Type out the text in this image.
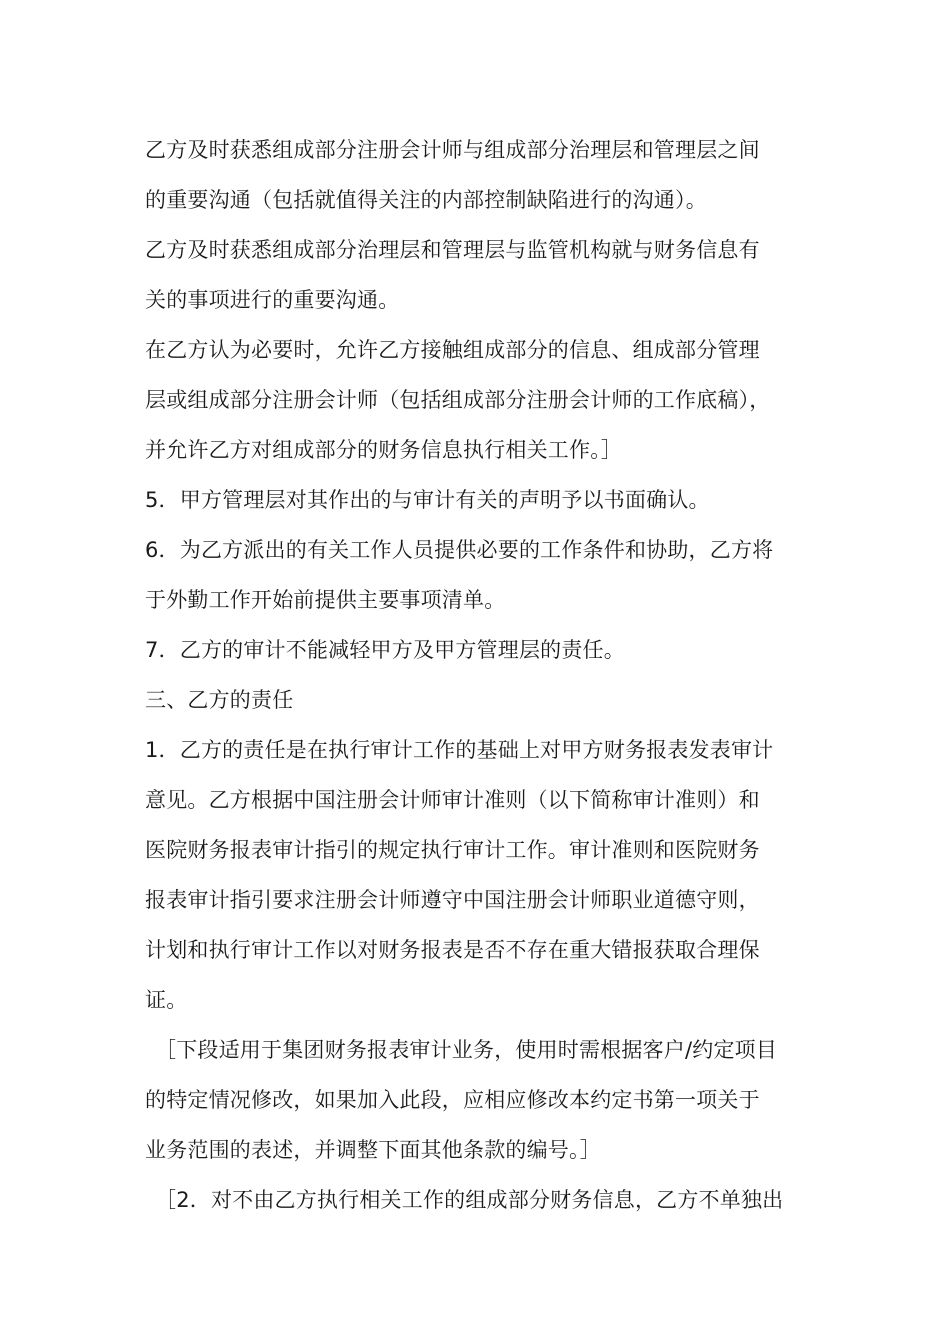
乙方及时获悉组成部分注册会计师与组成部分治理层和管理层之间
的重要沟通（包括就值得关注的内部控制缺陷进行的沟通）。
乙方及时获悉组成部分治理层和管理层与监管机构就与财务信息有
关的事项进行的重要沟通。
在乙方认为必要时，允许乙方接触组成部分的信息、组成部分管理
层或组成部分注册会计师（包括组成部分注册会计师的工作底稿），
并允许乙方对组成部分的财务信息执行相关工作。］
5．甲方管理层对其作出的与审计有关的声明予以书面确认。
6．为乙方派出的有关工作人员提供必要的工作条件和协助，乙方将
于外勤工作开始前提供主要事项清单。
7．乙方的审计不能减轻甲方及甲方管理层的责任。
三、乙方的责任
1．乙方的责任是在执行审计工作的基础上对甲方财务报表发表审计
意见。乙方根据中国注册会计师审计准则（以下简称审计准则）和
医院财务报表审计指引的规定执行审计工作。审计准则和医院财务
报表审计指引要求注册会计师遵守中国注册会计师职业道德守则，
计划和执行审计工作以对财务报表是否不存在重大错报获取合理保
证。
［下段适用于集团财务报表审计业务，使用时需根据客户/约定项目
的特定情况修改，如果加入此段，应相应修改本约定书第一项关于
业务范围的表述，并调整下面其他条款的编号。］
［2．对不由乙方执行相关工作的组成部分财务信息，乙方不单独出
